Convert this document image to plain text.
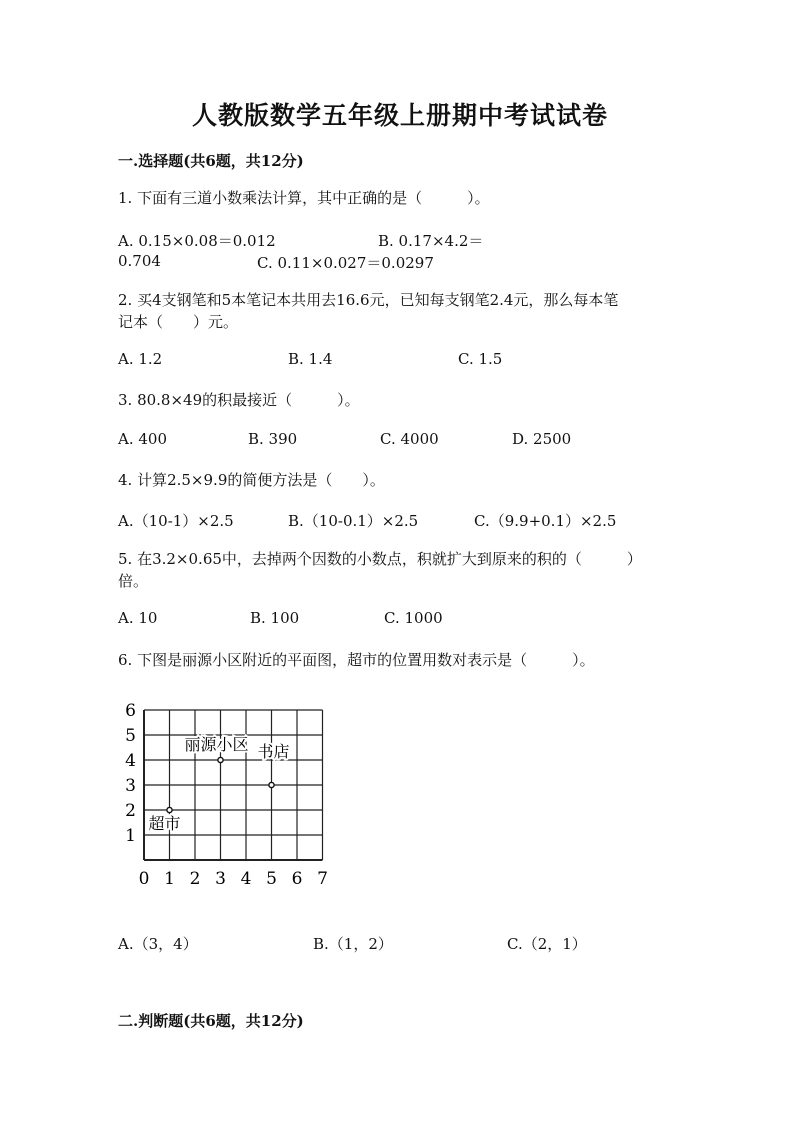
人教版数学五年级上册期中考试试卷
一.选择题(共6题，共12分)
1. 下面有三道小数乘法计算，其中正确的是（　　　）。
A. 0.15×0.08＝0.012	B. 0.17×4.2＝
0.704	C. 0.11×0.027＝0.0297
2. 买4支钢笔和5本笔记本共用去16.6元，已知每支钢笔2.4元，那么每本笔
记本（　　）元。
A. 1.2	B. 1.4	C. 1.5
3. 80.8×49的积最接近（　　　）。
A. 400	B. 390	C. 4000	D. 2500
4. 计算2.5×9.9的简便方法是（　　）。
A.（10-1）×2.5	B.（10-0.1）×2.5	C.（9.9+0.1）×2.5
5. 在3.2×0.65中，去掉两个因数的小数点，积就扩大到原来的积的（　　　）
倍。
A. 10	B. 100	C. 1000
6. 下图是丽源小区附近的平面图，超市的位置用数对表示是（　　　）。
0 1 2 3 4 5 6 7
1
2
3
4
5
6
丽源小区 书店
超市
A.（3，4）	B.（1，2）	C.（2，1）
二.判断题(共6题，共12分)
